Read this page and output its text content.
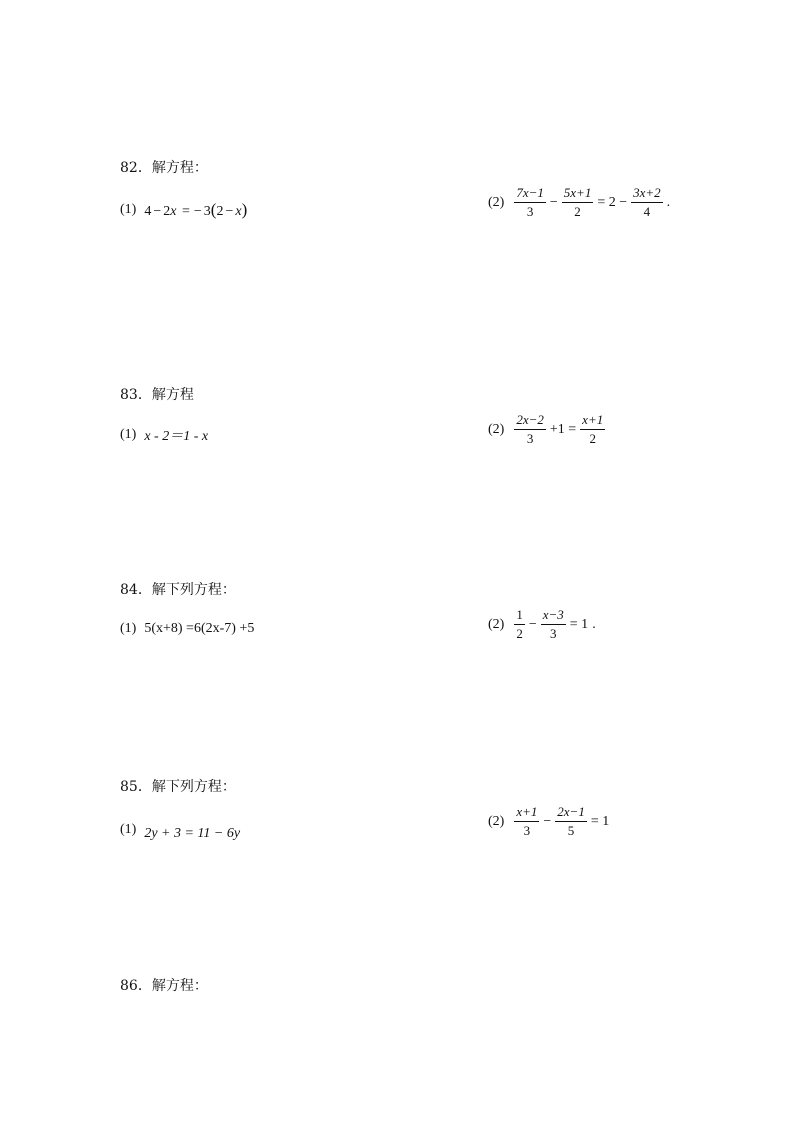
82．解方程：
(1) 4 − 2x = − 3(2 − x)	$(2) \frac{7x-1}{3} - \frac{5x+1}{2} = 2 - \frac{3x+2}{4}$ .
83．解方程
(1) x ‐ 2＝1 ‐ x	$(2) \frac{2x-2}{3} +1 = \frac{x+1}{2}$
84．解下列方程：
(1) 5(x+8) =6(2x-7) +5	$(2) \frac{1}{2} - \frac{x-3}{3} = 1$ .
85．解下列方程：
(1) 2y + 3 = 11 − 6y
$(2) \frac{x+1}{3} - \frac{2x-1}{5} = 1$
86．解方程：
